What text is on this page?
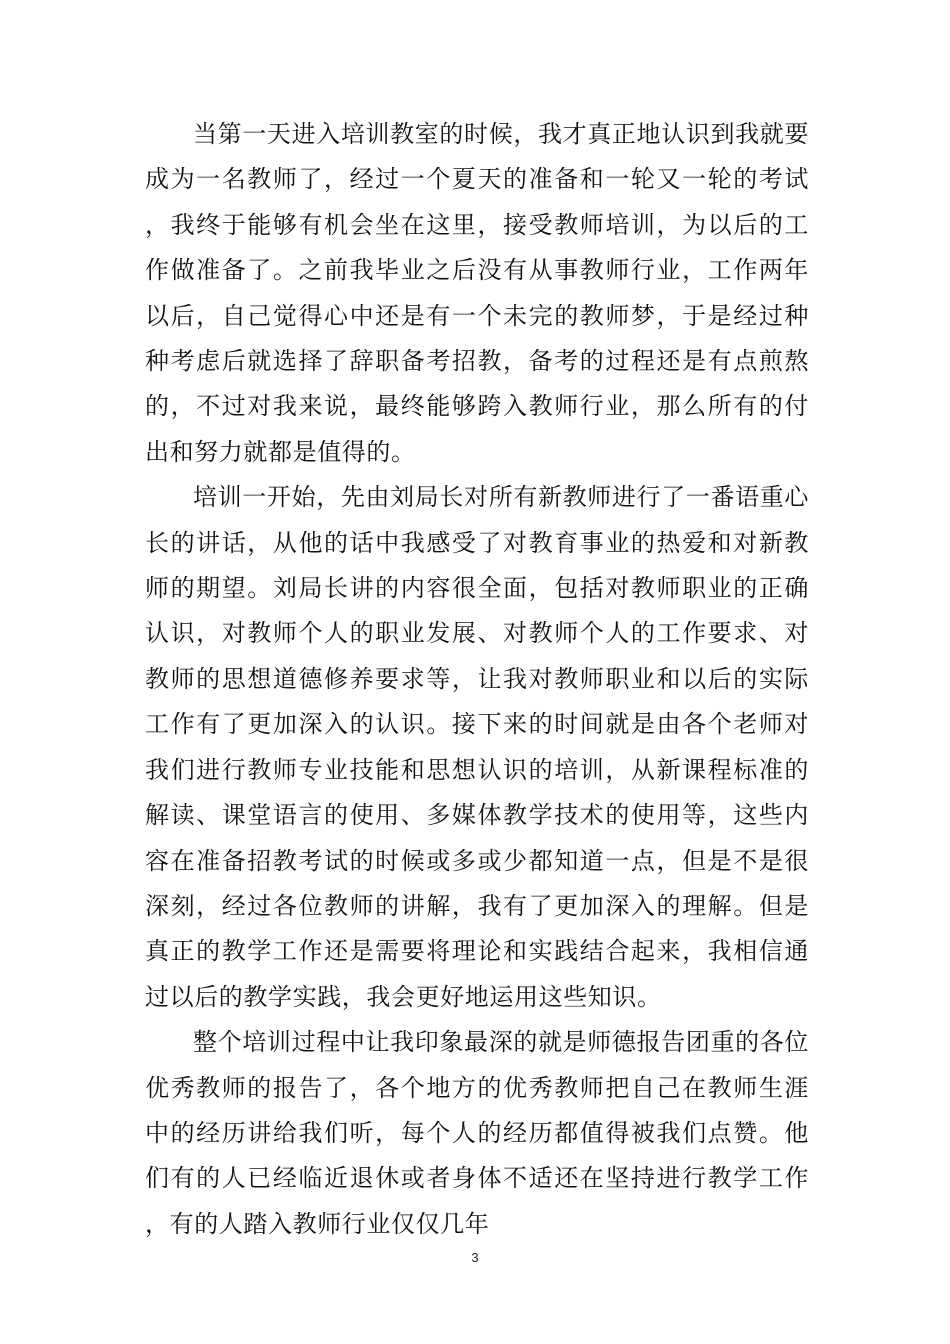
当第一天进入培训教室的时候，我才真正地认识到我就要成为一名教师了，经过一个夏天的准备和一轮又一轮的考试，我终于能够有机会坐在这里，接受教师培训，为以后的工作做准备了。之前我毕业之后没有从事教师行业，工作两年以后，自己觉得心中还是有一个未完的教师梦，于是经过种种考虑后就选择了辞职备考招教，备考的过程还是有点煎熬的，不过对我来说，最终能够跨入教师行业，那么所有的付出和努力就都是值得的。

培训一开始，先由刘局长对所有新教师进行了一番语重心长的讲话，从他的话中我感受了对教育事业的热爱和对新教师的期望。刘局长讲的内容很全面，包括对教师职业的正确认识，对教师个人的职业发展、对教师个人的工作要求、对教师的思想道德修养要求等，让我对教师职业和以后的实际工作有了更加深入的认识。接下来的时间就是由各个老师对我们进行教师专业技能和思想认识的培训，从新课程标准的解读、课堂语言的使用、多媒体教学技术的使用等，这些内容在准备招教考试的时候或多或少都知道一点，但是不是很深刻，经过各位教师的讲解，我有了更加深入的理解。但是真正的教学工作还是需要将理论和实践结合起来，我相信通过以后的教学实践，我会更好地运用这些知识。

整个培训过程中让我印象最深的就是师德报告团重的各位优秀教师的报告了，各个地方的优秀教师把自己在教师生涯中的经历讲给我们听，每个人的经历都值得被我们点赞。他们有的人已经临近退休或者身体不适还在坚持进行教学工作，有的人踏入教师行业仅仅几年

3
